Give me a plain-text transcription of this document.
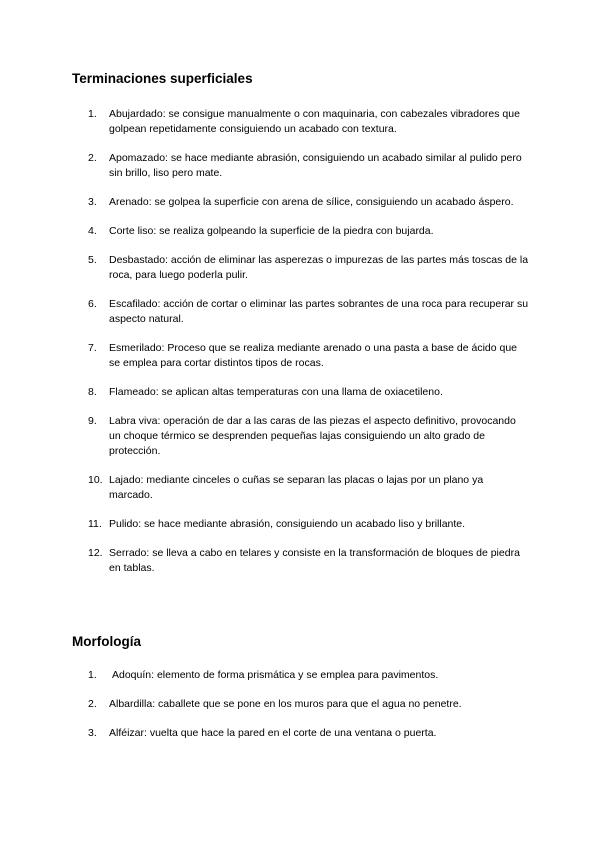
Terminaciones superficiales
1.	Abujardado: se consigue manualmente o con maquinaria, con cabezales vibradores que golpean repetidamente consiguiendo un acabado con textura.
2.	Apomazado: se hace mediante abrasión, consiguiendo un acabado similar al pulido pero sin brillo, liso pero mate.
3.	Arenado: se golpea la superficie con arena de sílice, consiguiendo un acabado áspero.
4.	Corte liso: se realiza golpeando la superficie de la piedra con bujarda.
5.	Desbastado: acción de eliminar las asperezas o impurezas de las partes más toscas de la roca, para luego poderla pulir.
6.	Escafilado: acción de cortar o eliminar las partes sobrantes de una roca para recuperar su aspecto natural.
7.	Esmerilado: Proceso que se realiza mediante arenado o una pasta a base de ácido que se emplea para cortar distintos tipos de rocas.
8.	Flameado: se aplican altas temperaturas con una llama de oxiacetileno.
9.	Labra viva: operación de dar a las caras de las piezas el aspecto definitivo, provocando un choque térmico se desprenden pequeñas lajas consiguiendo un alto grado de protección.
10. Lajado: mediante cinceles o cuñas se separan las placas o lajas por un plano ya marcado.
11. Pulido: se hace mediante abrasión, consiguiendo un acabado liso y brillante.
12. Serrado: se lleva a cabo en telares y consiste en la transformación de bloques de piedra en tablas.
Morfología
1.	Adoquín: elemento de forma prismática y se emplea para pavimentos.
2.	Albardilla: caballete que se pone en los muros para que el agua no penetre.
3.	Alféizar: vuelta que hace la pared en el corte de una ventana o puerta.
